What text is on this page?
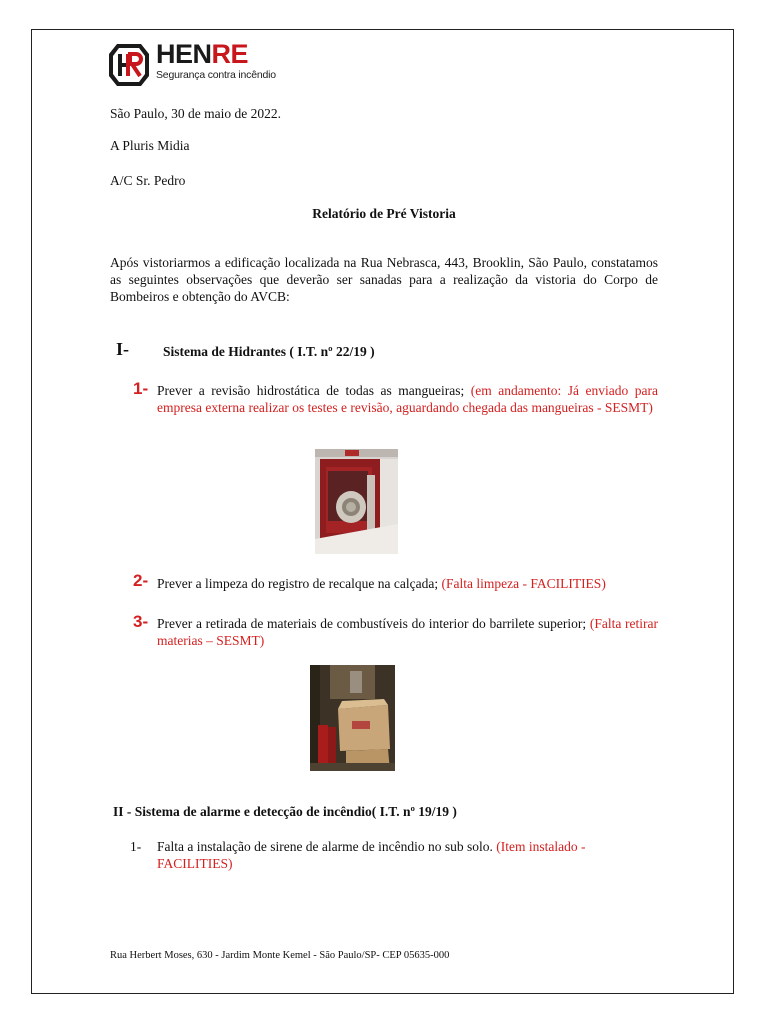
HENRE
Segurança contra incêndio
São Paulo, 30 de maio de 2022.
A Pluris Midia
A/C Sr. Pedro
Relatório de Pré Vistoria
Após vistoriarmos a edificação localizada na Rua Nebrasca, 443, Brooklin, São Paulo, constatamos as seguintes observações que deverão ser sanadas para a realização da vistoria do Corpo de Bombeiros e obtenção do AVCB:
I-	Sistema de Hidrantes ( I.T. nº 22/19 )
1- Prever a revisão hidrostática de todas as mangueiras; (em andamento: Já enviado para empresa externa realizar os testes e revisão, aguardando chegada das mangueiras - SESMT)
2- Prever a limpeza do registro de recalque na calçada; (Falta limpeza - FACILITIES)
3- Prever a retirada de materiais de combustíveis do interior do barrilete superior; (Falta retirar materias – SESMT)
II - Sistema de alarme e detecção de incêndio( I.T. nº 19/19 )
1- Falta a instalação de sirene de alarme de incêndio no sub solo. (Item instalado - FACILITIES)
Rua Herbert Moses, 630 - Jardim Monte Kemel - São Paulo/SP- CEP 05635-000
